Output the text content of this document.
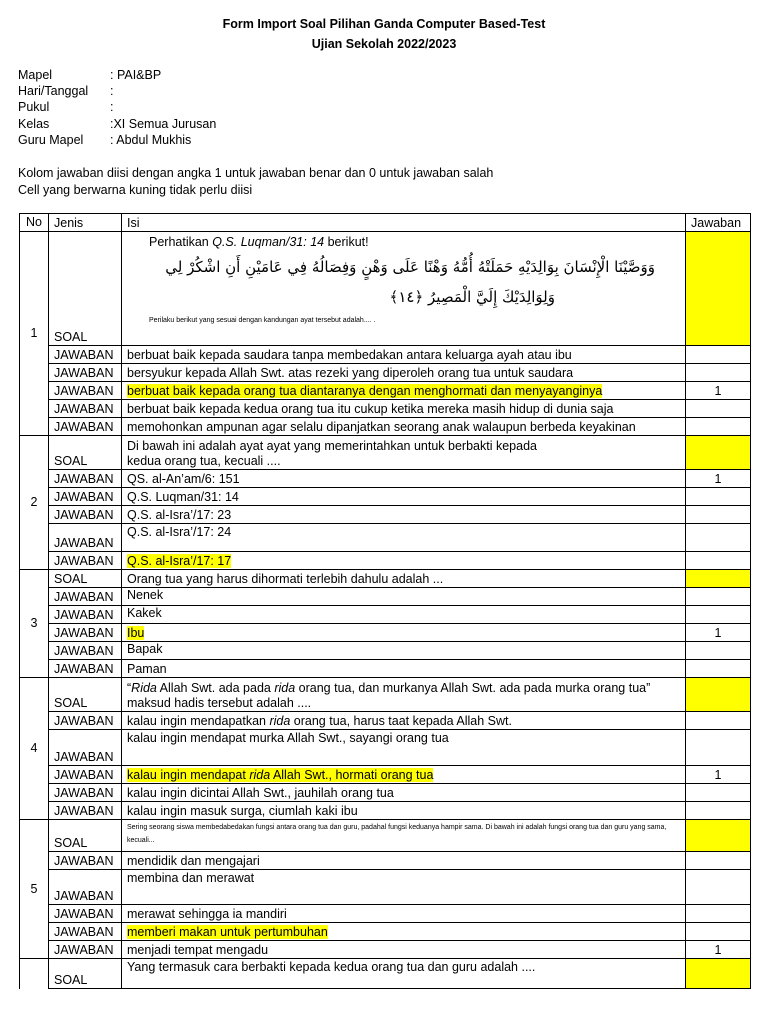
Form Import Soal Pilihan Ganda Computer Based-Test
Ujian Sekolah 2022/2023
Mapel	: PAI&BP
Hari/Tanggal :
Pukul	:
Kelas	:XI Semua Jurusan
Guru Mapel : Abdul Mukhis
Kolom jawaban diisi dengan angka 1 untuk jawaban benar dan 0 untuk jawaban salah
Cell yang berwarna kuning tidak perlu diisi
No	Jenis	Isi	Jawaban
1	SOAL	Perhatikan Q.S. Luqman/31: 14 berikut!
وَوَصَّيْنَا الْإِنْسَانَ بِوَالِدَيْهِ حَمَلَتْهُ أُمُّهُ وَهْنًا عَلَى وَهْنٍ وَفِصَالُهُ فِي عَامَيْنِ أَنِ اشْكُرْ لِي
وَلِوَالِدَيْكَ إِلَيَّ الْمَصِيرُ ﴿١٤﴾
Perilaku berikut yang sesuai dengan kandungan ayat tersebut adalah.... .	

	JAWABAN	berbuat baik kepada saudara tanpa membedakan antara keluarga ayah atau ibu	
	JAWABAN	bersyukur kepada Allah Swt. atas rezeki yang diperoleh orang tua untuk saudara	
	JAWABAN	berbuat baik kepada orang tua diantaranya dengan menghormati dan menyayanginya	1
	JAWABAN	berbuat baik kepada kedua orang tua itu cukup ketika mereka masih hidup di dunia saja	
	JAWABAN	memohonkan ampunan agar selalu dipanjatkan seorang anak walaupun berbeda keyakinan	
2	SOAL	Di bawah ini adalah ayat ayat yang memerintahkan untuk berbakti kepada
kedua orang tua, kecuali ....	

	JAWABAN	QS. al-An’am/6: 151	1
	JAWABAN	Q.S. Luqman/31: 14	
	JAWABAN	Q.S. al-Isra’/17: 23	
	JAWABAN	Q.S. al-Isra’/17: 24	
	JAWABAN	Q.S. al-Isra’/17: 17	
3	SOAL	Orang tua yang harus dihormati terlebih dahulu adalah ...	
	JAWABAN	Nenek	
	JAWABAN	Kakek	
	JAWABAN	Ibu	1
	JAWABAN	Bapak	
	JAWABAN	Paman	
4	SOAL	“Rida Allah Swt. ada pada rida orang tua, dan murkanya Allah Swt. ada pada murka orang tua”
maksud hadis tersebut adalah ....	

	JAWABAN	kalau ingin mendapatkan rida orang tua, harus taat kepada Allah Swt.	
	JAWABAN	kalau ingin mendapat murka Allah Swt., sayangi orang tua	
	JAWABAN	kalau ingin mendapat rida Allah Swt., hormati orang tua	1
	JAWABAN	kalau ingin dicintai Allah Swt., jauhilah orang tua	
	JAWABAN	kalau ingin masuk surga, ciumlah kaki ibu	
5	SOAL	Sering seorang siswa membedabedakan fungsi antara orang tua dan guru, padahal fungsi keduanya hampir sama. Di bawah ini adalah fungsi orang tua dan guru yang sama, kecuali...	

	JAWABAN	mendidik dan mengajari	
	JAWABAN	membina dan merawat	
	JAWABAN	merawat sehingga ia mandiri	
	JAWABAN	memberi makan untuk pertumbuhan	
	JAWABAN	menjadi tempat mengadu	1
	SOAL	Yang termasuk cara berbakti kepada kedua orang tua dan guru adalah ....	
